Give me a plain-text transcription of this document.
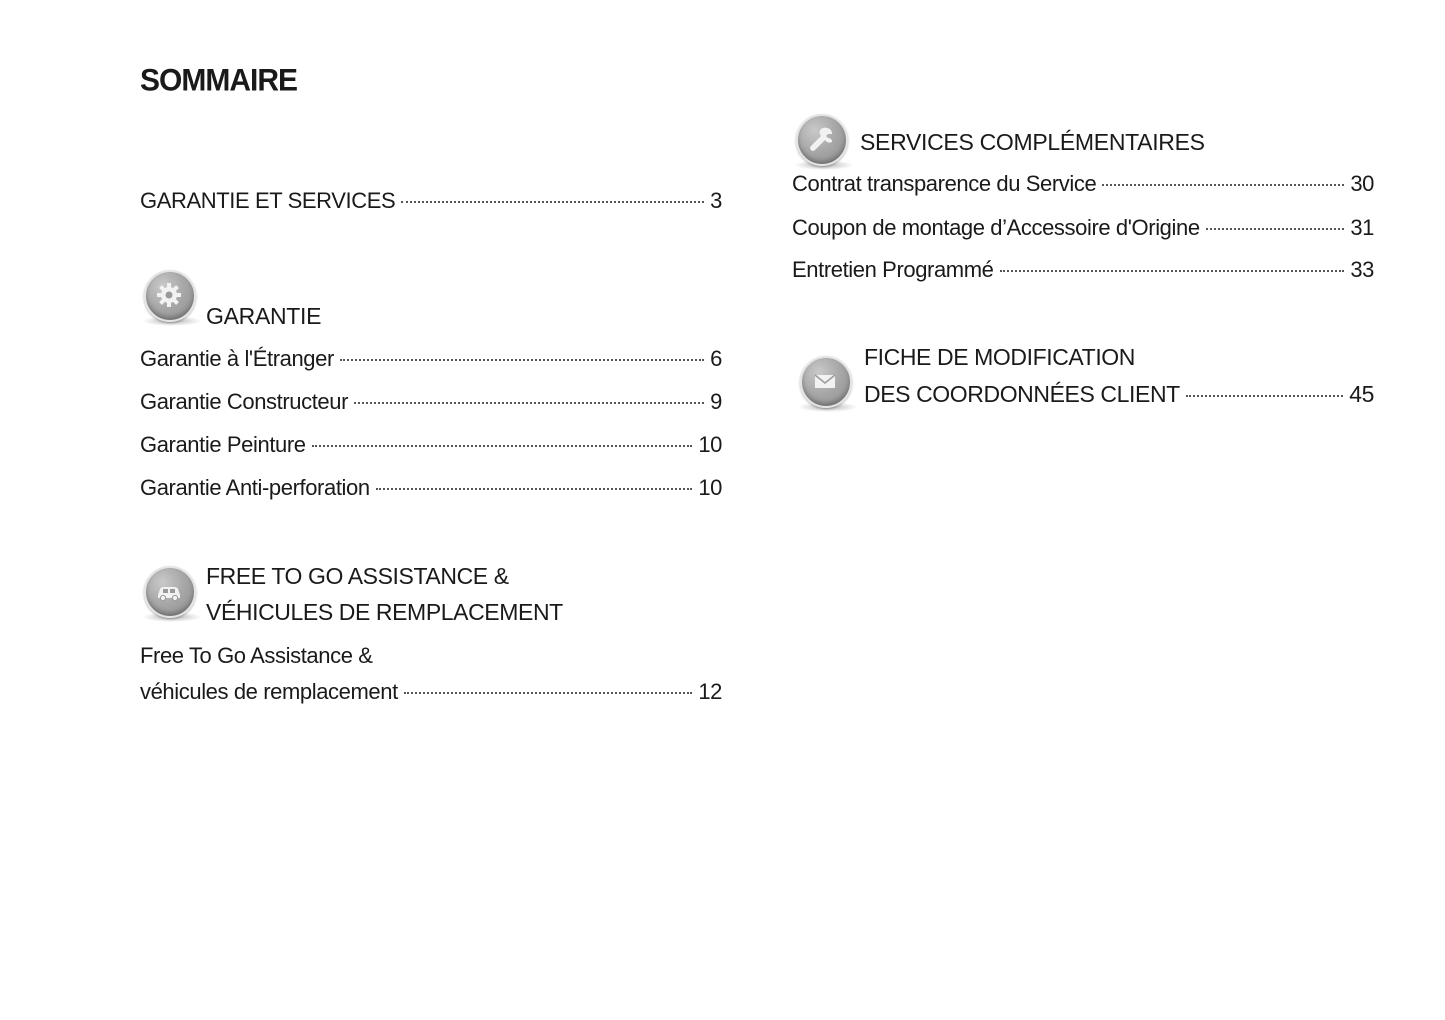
SOMMAIRE
GARANTIE ET SERVICES	3
GARANTIE
Garantie à l'Étranger	6
Garantie Constructeur	9
Garantie Peinture	10
Garantie Anti-perforation	10
FREE TO GO ASSISTANCE &
VÉHICULES DE REMPLACEMENT
Free To Go Assistance &
véhicules de remplacement	12
SERVICES COMPLÉMENTAIRES
Contrat transparence du Service	30
Coupon de montage d’Accessoire d'Origine	31
Entretien Programmé	33
FICHE DE MODIFICATION
DES COORDONNÉES CLIENT	45
